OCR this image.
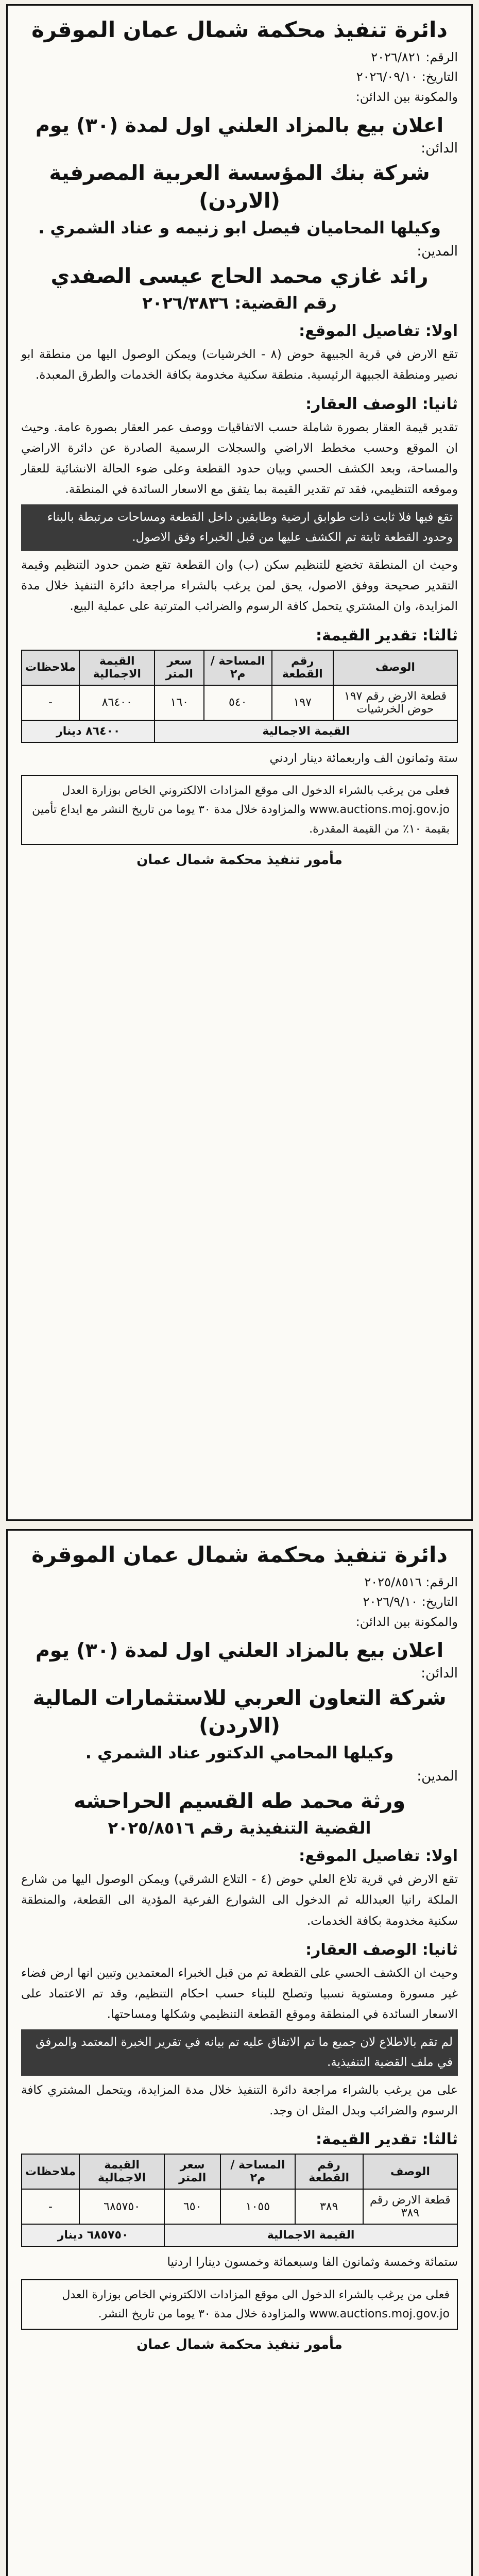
دائرة تنفيذ محكمة شمال عمان الموقرة
الرقم: ٢٠٢٦/٨٢١
التاريخ: ٢٠٢٦/٠٩/١٠
والمكونة بين الدائن:
اعلان بيع بالمزاد العلني اول لمدة (٣٠) يوم
الدائن:
شركة بنك المؤسسة العربية المصرفية (الاردن)
وكيلها المحاميان فيصل ابو زنيمه و عناد الشمري .
المدين:
رائد غازي محمد الحاج عيسى الصفدي
رقم القضية: ٢٠٢٦/٣٨٣٦
اولا: تفاصيل الموقع:

تقع الارض في قرية الجبيهة حوض (٨ - الخرشيات) ويمكن الوصول اليها من منطقة ابو نصير ومنطقة الجبيهة الرئيسية. منطقة سكنية مخدومة بكافة الخدمات والطرق المعبدة.

ثانيا: الوصف العقار:

تقدير قيمة العقار بصورة شاملة حسب الاتفاقيات ووصف عمر العقار بصورة عامة. وحيث ان الموقع وحسب مخطط الاراضي والسجلات الرسمية الصادرة عن دائرة الاراضي والمساحة، وبعد الكشف الحسي وبيان حدود القطعة وعلى ضوء الحالة الانشائية للعقار وموقعه التنظيمي، فقد تم تقدير القيمة بما يتفق مع الاسعار السائدة في المنطقة.

تقع فيها فلا ثابت ذات طوابق ارضية وطابقين داخل القطعة ومساحات مرتبطة بالبناء وحدود القطعة ثابتة تم الكشف عليها من قبل الخبراء وفق الاصول.

وحيث ان المنطقة تخضع للتنظيم سكن (ب) وان القطعة تقع ضمن حدود التنظيم وقيمة التقدير صحيحة ووفق الاصول، يحق لمن يرغب بالشراء مراجعة دائرة التنفيذ خلال مدة المزايدة، وان المشتري يتحمل كافة الرسوم والضرائب المترتبة على عملية البيع.

ثالثا: تقدير القيمة:
الوصف	رقم القطعة	المساحة / م٢	سعر المتر	القيمة الاجمالية	ملاحظات
قطعة الارض رقم ١٩٧ حوض الخرشيات	١٩٧	٥٤٠	١٦٠	٨٦٤٠٠	-
القيمة الاجمالية				٨٦٤٠٠ دينار	

ستة وثمانون الف واربعمائة دينار اردني

فعلى من يرغب بالشراء الدخول الى موقع المزادات الالكتروني الخاص بوزارة العدل www.auctions.moj.gov.jo والمزاودة خلال مدة ٣٠ يوما من تاريخ النشر مع ايداع تأمين بقيمة ١٠٪ من القيمة المقدرة.
مأمور تنفيذ محكمة شمال عمان
دائرة تنفيذ محكمة شمال عمان الموقرة
الرقم: ٢٠٢٥/٨٥١٦
التاريخ: ٢٠٢٦/٩/١٠
والمكونة بين الدائن:
اعلان بيع بالمزاد العلني اول لمدة (٣٠) يوم
الدائن:
شركة التعاون العربي للاستثمارات المالية (الاردن)
وكيلها المحامي الدكتور عناد الشمري .
المدين:
ورثة محمد طه القسيم الحراحشه
القضية التنفيذية رقم ٢٠٢٥/٨٥١٦
اولا: تفاصيل الموقع:

تقع الارض في قرية تلاع العلي حوض (٤ - التلاع الشرقي) ويمكن الوصول اليها من شارع الملكة رانيا العبدالله ثم الدخول الى الشوارع الفرعية المؤدية الى القطعة، والمنطقة سكنية مخدومة بكافة الخدمات.

ثانيا: الوصف العقار:

وحيث ان الكشف الحسي على القطعة تم من قبل الخبراء المعتمدين وتبين انها ارض فضاء غير مسورة ومستوية نسبيا وتصلح للبناء حسب احكام التنظيم، وقد تم الاعتماد على الاسعار السائدة في المنطقة وموقع القطعة التنظيمي وشكلها ومساحتها.

لم تقم بالاطلاع لان جميع ما تم الاتفاق عليه تم بيانه في تقرير الخبرة المعتمد والمرفق في ملف القضية التنفيذية.

على من يرغب بالشراء مراجعة دائرة التنفيذ خلال مدة المزايدة، ويتحمل المشتري كافة الرسوم والضرائب وبدل المثل ان وجد.

ثالثا: تقدير القيمة:
الوصف	رقم القطعة	المساحة / م٢	سعر المتر	القيمة الاجمالية	ملاحظات
قطعة الارض رقم ٣٨٩	٣٨٩	١٠٥٥	٦٥٠	٦٨٥٧٥٠	-
القيمة الاجمالية				٦٨٥٧٥٠ دينار	

ستمائة وخمسة وثمانون الفا وسبعمائة وخمسون دينارا اردنيا

فعلى من يرغب بالشراء الدخول الى موقع المزادات الالكتروني الخاص بوزارة العدل www.auctions.moj.gov.jo والمزاودة خلال مدة ٣٠ يوما من تاريخ النشر.
مأمور تنفيذ محكمة شمال عمان
